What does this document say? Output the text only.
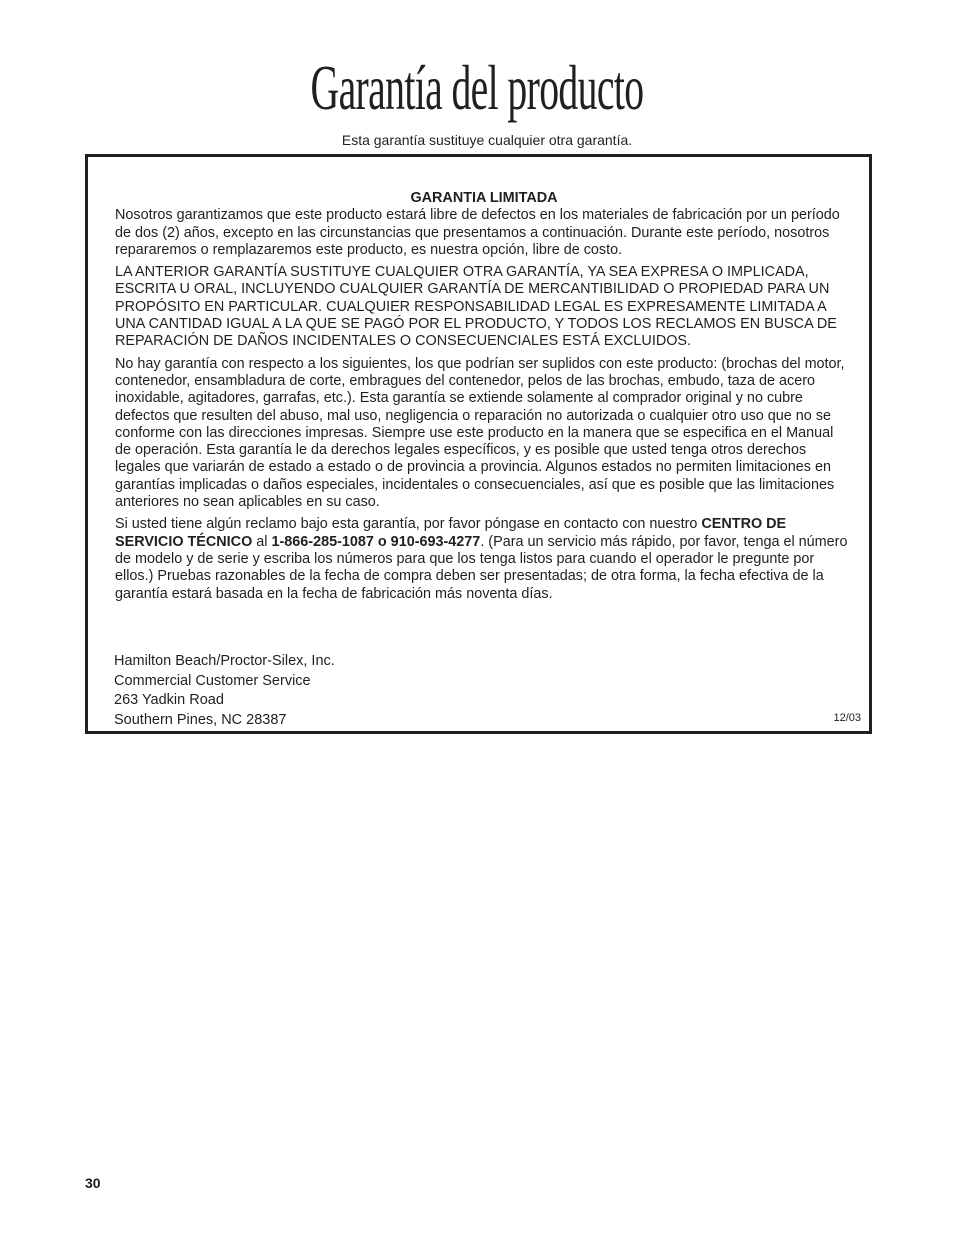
Garantía del producto
Esta garantía sustituye cualquier otra garantía.

GARANTIA LIMITADA

Nosotros garantizamos que este producto estará libre de defectos en los materiales de fabricación por un período de dos (2) años, excepto en las circunstancias que presentamos a continuación. Durante este período, nosotros repararemos o remplazaremos este producto, es nuestra opción, libre de costo.

LA ANTERIOR GARANTÍA SUSTITUYE CUALQUIER OTRA GARANTÍA, YA SEA EXPRESA O IMPLICADA, ESCRITA U ORAL, INCLUYENDO CUALQUIER GARANTÍA DE MERCANTIBILIDAD O PROPIEDAD PARA UN PROPÓSITO EN PARTICULAR. CUALQUIER RESPONSABILIDAD LEGAL ES EXPRESAMENTE LIMITADA A UNA CANTIDAD IGUAL A LA QUE SE PAGÓ POR EL PRODUCTO, Y TODOS LOS RECLAMOS EN BUSCA DE REPARACIÓN DE DAÑOS INCIDENTALES O CONSECUENCIALES ESTÁ EXCLUIDOS.

No hay garantía con respecto a los siguientes, los que podrían ser suplidos con este producto: (brochas del motor, contenedor, ensambladura de corte, embragues del contenedor, pelos de las brochas, embudo, taza de acero inoxidable, agitadores, garrafas, etc.). Esta garantía se extiende solamente al comprador original y no cubre defectos que resulten del abuso, mal uso, negligencia o reparación no autorizada o cualquier otro uso que no se conforme con las direcciones impresas. Siempre use este producto en la manera que se especifica en el Manual de operación. Esta garantía le da derechos legales específicos, y es posible que usted tenga otros derechos legales que variarán de estado a estado o de provincia a provincia. Algunos estados no permiten limitaciones en garantías implicadas o daños especiales, incidentales o consecuenciales, así que es posible que las limitaciones anteriores no sean aplicables en su caso.

Si usted tiene algún reclamo bajo esta garantía, por favor póngase en contacto con nuestro CENTRO DE SERVICIO TÉCNICO al 1-866-285-1087 o 910-693-4277. (Para un servicio más rápido, por favor, tenga el número de modelo y de serie y escriba los números para que los tenga listos para cuando el operador le pregunte por ellos.) Pruebas razonables de la fecha de compra deben ser presentadas; de otra forma, la fecha efectiva de la garantía estará basada en la fecha de fabricación más noventa días.

Hamilton Beach/Proctor-Silex, Inc.
Commercial Customer Service
263 Yadkin Road
Southern Pines, NC 28387	12/03
30
